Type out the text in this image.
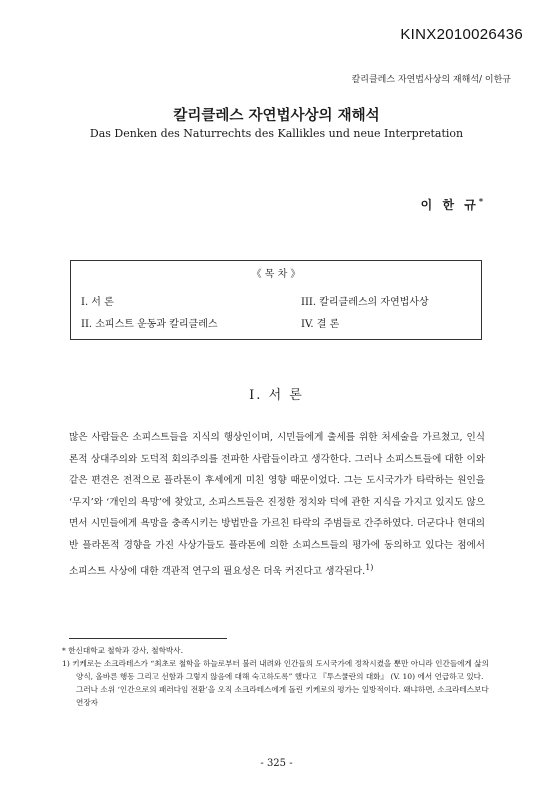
KINX2010026436
칼리클레스 자연법사상의 재해석/ 이한규
칼리클레스 자연법사상의 재해석
Das Denken des Naturrechts des Kallikles und neue Interpretation
이 한 규*
《 목 차 》
I. 서 론
II. 소피스트 운동과 칼리클레스
III. 칼리클레스의 자연법사상
IV. 결 론
I. 서 론

많은 사람들은 소피스트들을 지식의 행상인이며, 시민들에게 출세를 위한 처세술을 가르쳤고, 인식론적 상대주의와 도덕적 회의주의를 전파한 사람들이라고 생각한다. 그러나 소피스트들에 대한 이와 같은 편견은 전적으로 플라톤이 후세에게 미친 영향 때문이었다. 그는 도시국가가 타락하는 원인을 ‘무지’와 ‘개인의 욕망’에 찾았고, 소피스트들은 진정한 정치와 덕에 관한 지식을 가지고 있지도 않으면서 시민들에게 욕망을 충족시키는 방법만을 가르친 타락의 주범들로 간주하였다. 더군다나 현대의 반 플라톤적 경향을 가진 사상가들도 플라톤에 의한 소피스트들의 평가에 동의하고 있다는 점에서 소피스트 사상에 대한 객관적 연구의 필요성은 더욱 커진다고 생각된다.$^{1)}$

* 한신대학교 철학과 강사, 철학박사.

1) 키케로는 소크라테스가 “최초로 철학을 하늘로부터 불러 내려와 인간들의 도시국가에 정착시켰을 뿐만 아니라 인간들에게 삶의 양식, 올바른 행동 그리고 선함과 그렇지 않음에 대해 숙고하도록” 했다고 『투스쿨란의 대화』 (V. 10) 에서 언급하고 있다. 그러나 소위 ‘인간으로의 패러다임 전환’을 오직 소크라테스에게 돌린 키케로의 평가는 일방적이다. 왜냐하면, 소크라테스보다 연장자

- 325 -
